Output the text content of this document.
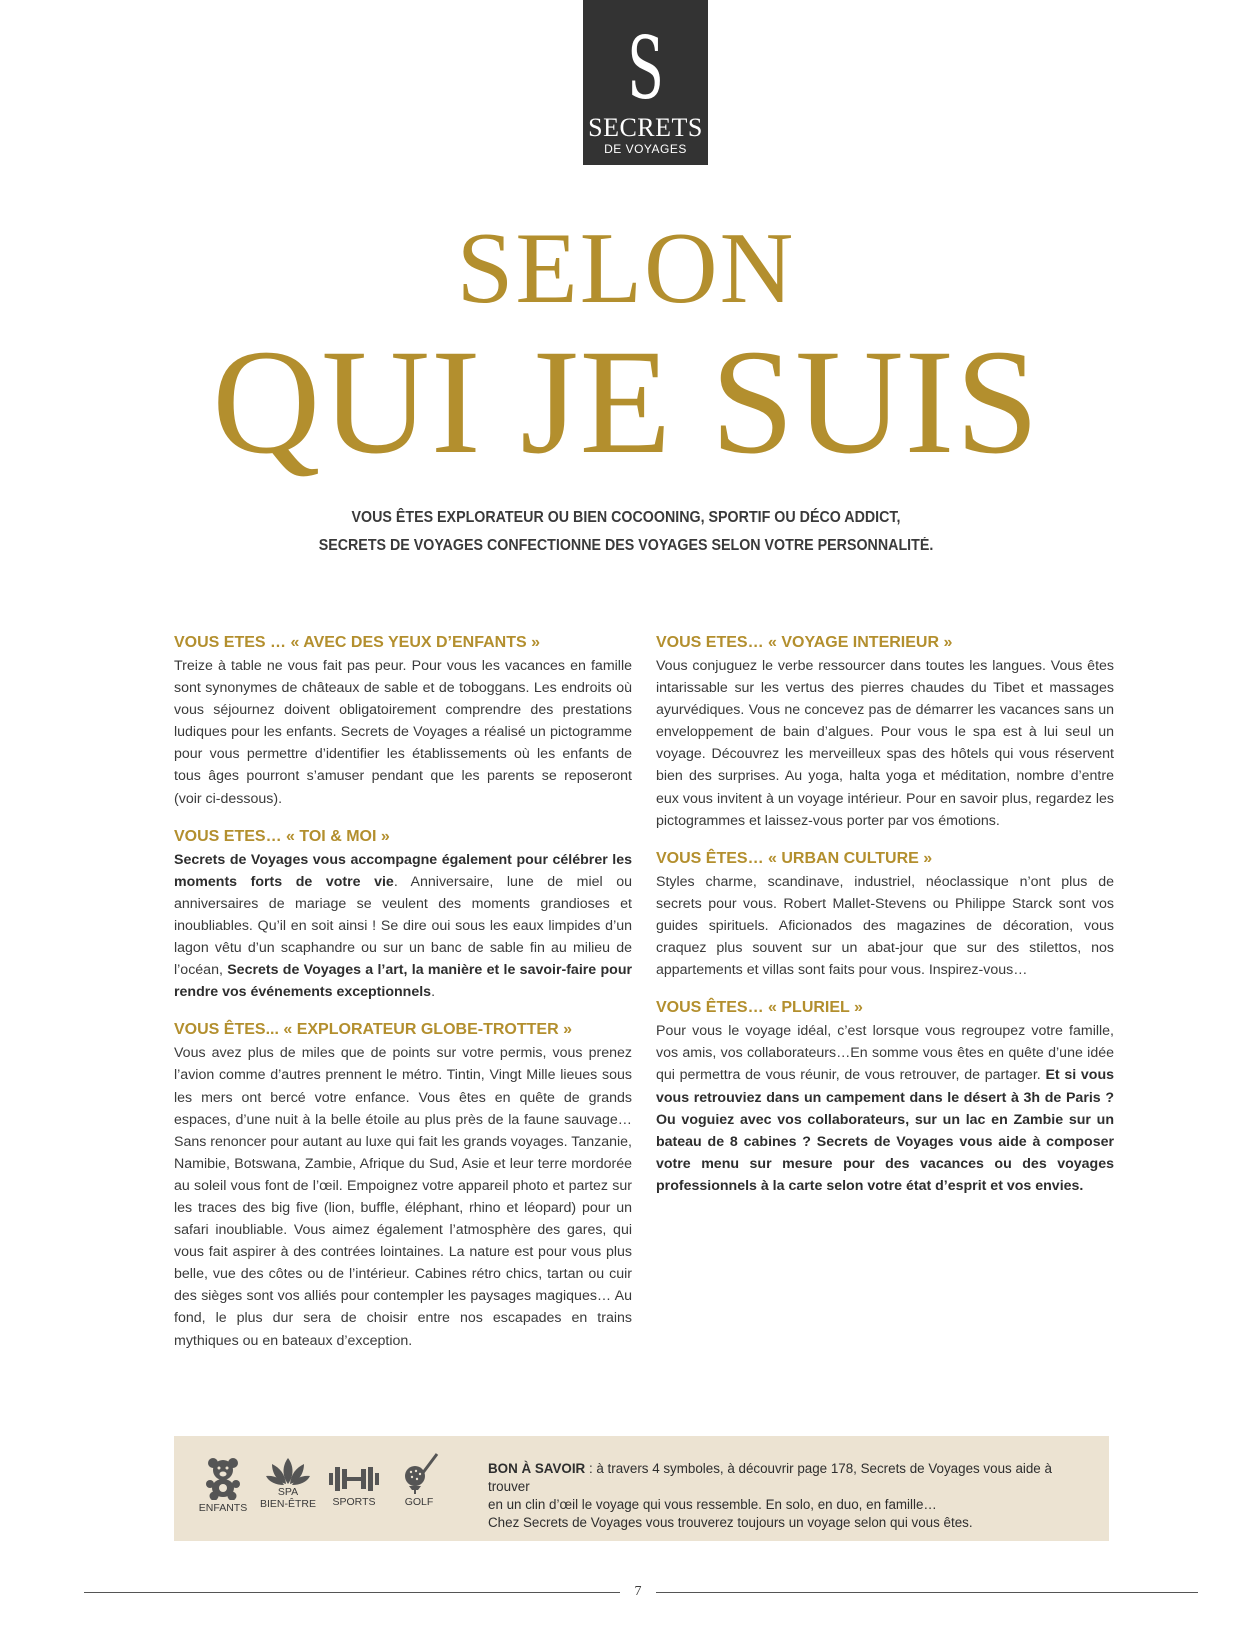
S
SECRETS
DE VOYAGES
SELON
QUI JE SUIS
VOUS ÊTES EXPLORATEUR OU BIEN COCOONING, SPORTIF OU DÉCO ADDICT,
SECRETS DE VOYAGES CONFECTIONNE DES VOYAGES SELON VOTRE PERSONNALITÉ.
VOUS ETES … « AVEC DES YEUX D’ENFANTS »

Treize à table ne vous fait pas peur. Pour vous les vacances en famille sont synonymes de châteaux de sable et de toboggans. Les endroits où vous séjournez doivent obligatoirement comprendre des prestations ludiques pour les enfants. Secrets de Voyages a réalisé un pictogramme pour vous permettre d’identifier les établissements où les enfants de tous âges pourront s’amuser pendant que les parents se reposeront (voir ci-dessous).

VOUS ETES… « TOI & MOI »

Secrets de Voyages vous accompagne également pour célébrer les moments forts de votre vie. Anniversaire, lune de miel ou anniversaires de mariage se veulent des moments grandioses et inoubliables. Qu’il en soit ainsi ! Se dire oui sous les eaux limpides d’un lagon vêtu d’un scaphandre ou sur un banc de sable fin au milieu de l’océan, Secrets de Voyages a l’art, la manière et le savoir-faire pour rendre vos événements exceptionnels.

VOUS ÊTES... « EXPLORATEUR GLOBE-TROTTER »

Vous avez plus de miles que de points sur votre permis, vous prenez l’avion comme d’autres prennent le métro. Tintin, Vingt Mille lieues sous les mers ont bercé votre enfance. Vous êtes en quête de grands espaces, d’une nuit à la belle étoile au plus près de la faune sauvage… Sans renoncer pour autant au luxe qui fait les grands voyages. Tanzanie, Namibie, Botswana, Zambie, Afrique du Sud, Asie et leur terre mordorée au soleil vous font de l’œil. Empoignez votre appareil photo et partez sur les traces des big five (lion, buffle, éléphant, rhino et léopard) pour un safari inoubliable. Vous aimez également l’atmosphère des gares, qui vous fait aspirer à des contrées lointaines. La nature est pour vous plus belle, vue des côtes ou de l’intérieur. Cabines rétro chics, tartan ou cuir des sièges sont vos alliés pour contempler les paysages magiques… Au fond, le plus dur sera de choisir entre nos escapades en trains mythiques ou en bateaux d’exception.

VOUS ETES… « VOYAGE INTERIEUR »

Vous conjuguez le verbe ressourcer dans toutes les langues. Vous êtes intarissable sur les vertus des pierres chaudes du Tibet et massages ayurvédiques. Vous ne concevez pas de démarrer les vacances sans un enveloppement de bain d’algues. Pour vous le spa est à lui seul un voyage. Découvrez les merveilleux spas des hôtels qui vous réservent bien des surprises. Au yoga, halta yoga et méditation, nombre d’entre eux vous invitent à un voyage intérieur. Pour en savoir plus, regardez les pictogrammes et laissez-vous porter par vos émotions.

VOUS ÊTES… « URBAN CULTURE »

Styles charme, scandinave, industriel, néoclassique n’ont plus de secrets pour vous. Robert Mallet-Stevens ou Philippe Starck sont vos guides spirituels. Aficionados des magazines de décoration, vous craquez plus souvent sur un abat-jour que sur des stilettos, nos appartements et villas sont faits pour vous. Inspirez-vous…

VOUS ÊTES… « PLURIEL »

Pour vous le voyage idéal, c’est lorsque vous regroupez votre famille, vos amis, vos collaborateurs…En somme vous êtes en quête d’une idée qui permettra de vous réunir, de vous retrouver, de partager. Et si vous vous retrouviez dans un campement dans le désert à 3h de Paris ? Ou voguiez avec vos collaborateurs, sur un lac en Zambie sur un bateau de 8 cabines ? Secrets de Voyages vous aide à composer votre menu sur mesure pour des vacances ou des voyages professionnels à la carte selon votre état d’esprit et vos envies.

ENFANTS
SPA
BIEN-ÊTRE	SPORTS	GOLF
BON À SAVOIR : à travers 4 symboles, à découvrir page 178, Secrets de Voyages vous aide à trouver
en un clin d’œil le voyage qui vous ressemble. En solo, en duo, en famille…
Chez Secrets de Voyages vous trouverez toujours un voyage selon qui vous êtes.
7
